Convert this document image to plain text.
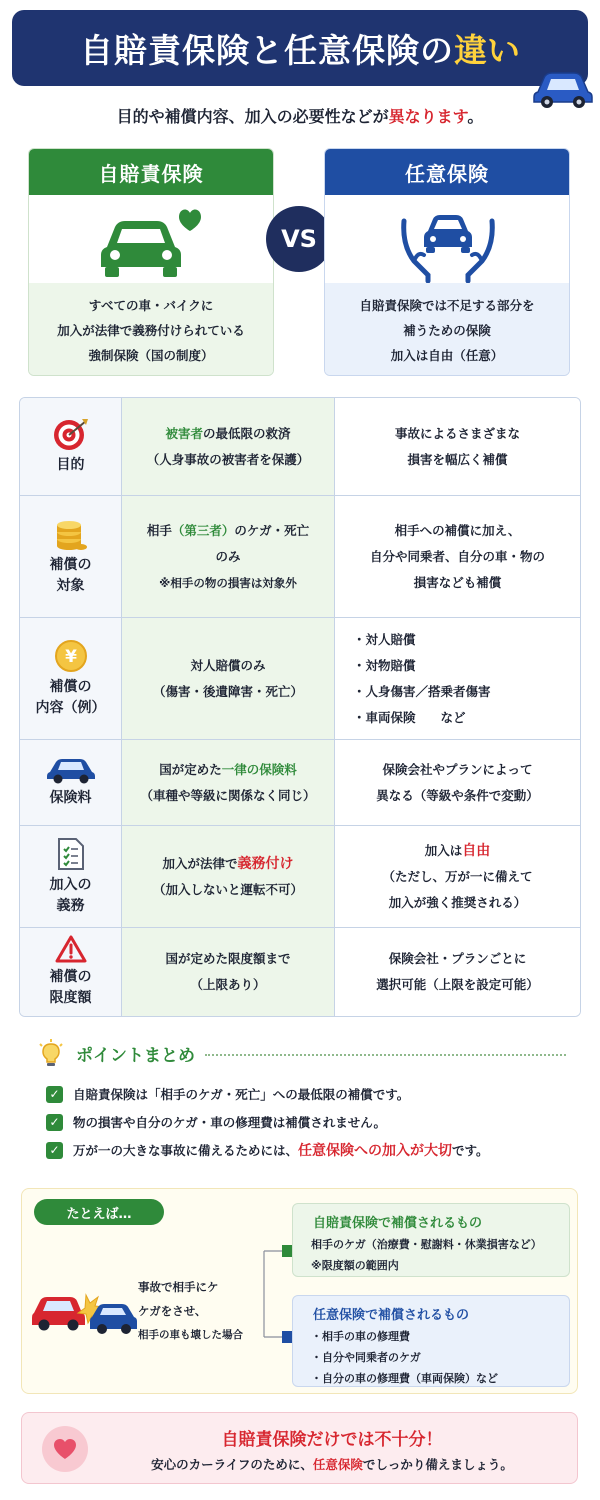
自賠責保険と任意保険の 違い
目的や補償内容、加入の必要性などが異なります。
自賠責保険
すべての車・バイクに
加入が法律で義務付けられている
強制保険（国の制度）
VS
任意保険
自賠責保険では不足する部分を
補うための保険
加入は自由（任意）
目的
被害者の最低限の救済
（人身事故の被害者を保護）
事故によるさまざまな
損害を幅広く補償
補償の
対象
相手（第三者）のケガ・死亡
のみ
※相手の物の損害は対象外
相手への補償に加え、
自分や同乗者、自分の車・物の
損害なども補償
¥
補償の
内容（例）
対人賠償のみ
（傷害・後遺障害・死亡）
・ 対人賠償
・ 対物賠償
・ 人身傷害／搭乗者傷害
・ 車両保険　　など
保険料
国が定めた一律の保険料
（車種や等級に関係なく同じ）
保険会社やプランによって
異なる（等級や条件で変動）
加入の
義務
加入が法律で義務付け
（加入しないと運転不可）
加入は自由
（ただし、万が一に備えて
加入が強く推奨される）
補償の
限度額
国が定めた限度額まで
（上限あり）
保険会社・プランごとに
選択可能（上限を設定可能）
ポイントまとめ
✓ 自賠責保険は「相手のケガ・死亡」への最低限の補償です。
✓ 物の損害や自分のケガ・車の修理費は補償されません。
✓ 万が一の大きな事故に備えるためには、 任意保険への加入が大切 です。
たとえば…
事故で相手にケ
ケガをさせ、
相手の車も壊した場合
自賠責保険で補償されるもの
相手のケガ（治療費・慰謝料・休業損害など）
※限度額の範囲内
任意保険で補償されるもの
・相手の車の修理費
・自分や同乗者のケガ
・自分の車の修理費（車両保険）など
自賠責保険だけでは不十分！
安心のカーライフのために、任意保険でしっかり備えましょう。
